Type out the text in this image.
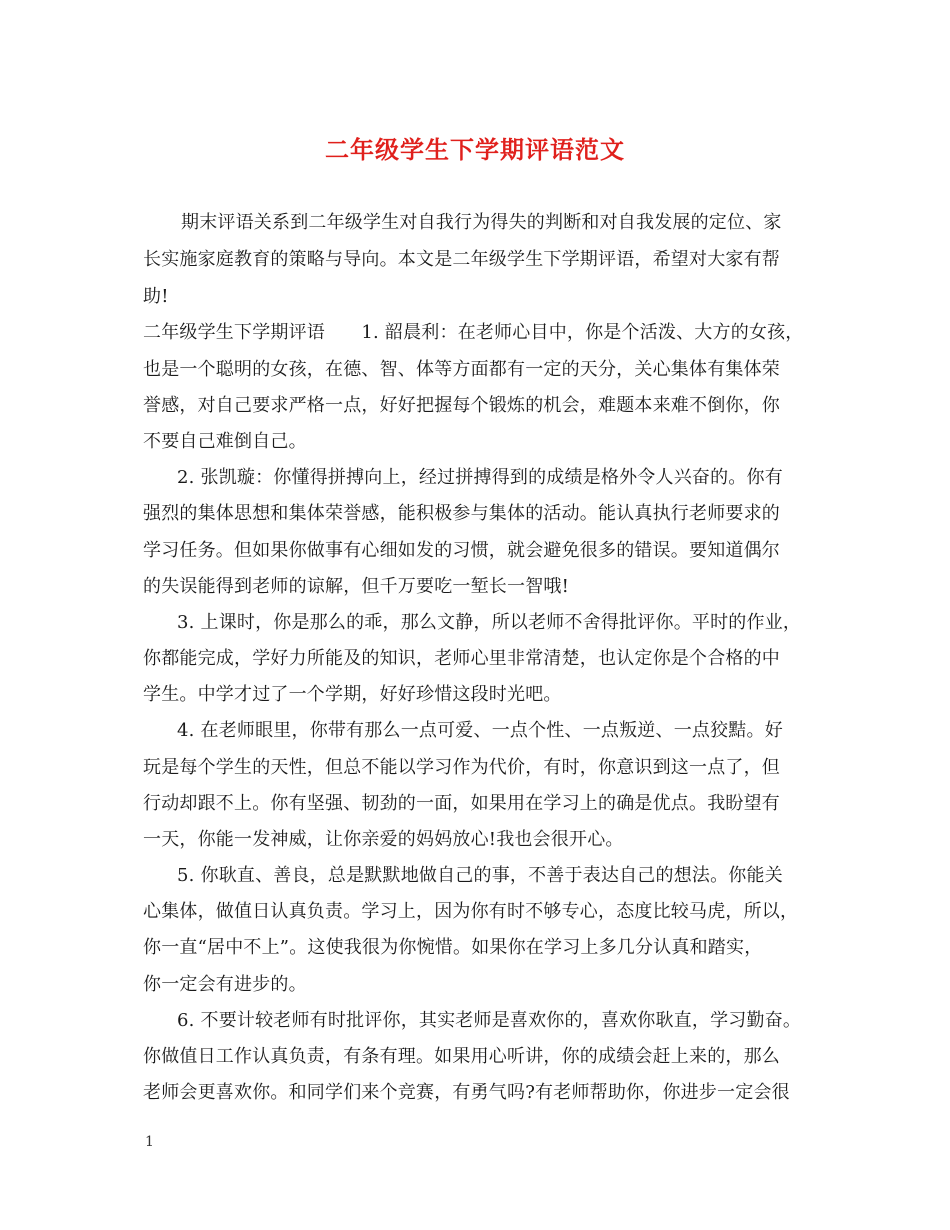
二年级学生下学期评语范文
期末评语关系到二年级学生对自我行为得失的判断和对自我发展的定位、家
长实施家庭教育的策略与导向。本文是二年级学生下学期评语，希望对大家有帮
助!
二年级学生下学期评语　　1. 韶晨利：在老师心目中，你是个活泼、大方的女孩，
也是一个聪明的女孩，在德、智、体等方面都有一定的天分，关心集体有集体荣
誉感，对自己要求严格一点，好好把握每个锻炼的机会，难题本来难不倒你，你
不要自己难倒自己。
2. 张凯璇：你懂得拼搏向上，经过拼搏得到的成绩是格外令人兴奋的。你有
强烈的集体思想和集体荣誉感，能积极参与集体的活动。能认真执行老师要求的
学习任务。但如果你做事有心细如发的习惯，就会避免很多的错误。要知道偶尔
的失误能得到老师的谅解，但千万要吃一堑长一智哦!
3. 上课时，你是那么的乖，那么文静，所以老师不舍得批评你。平时的作业，
你都能完成，学好力所能及的知识，老师心里非常清楚，也认定你是个合格的中
学生。中学才过了一个学期，好好珍惜这段时光吧。
4. 在老师眼里，你带有那么一点可爱、一点个性、一点叛逆、一点狡黠。好
玩是每个学生的天性，但总不能以学习作为代价，有时，你意识到这一点了，但
行动却跟不上。你有坚强、韧劲的一面，如果用在学习上的确是优点。我盼望有
一天，你能一发神威，让你亲爱的妈妈放心!我也会很开心。
5. 你耿直、善良，总是默默地做自己的事，不善于表达自己的想法。你能关
心集体，做值日认真负责。学习上，因为你有时不够专心，态度比较马虎，所以，
你一直“居中不上”。这使我很为你惋惜。如果你在学习上多几分认真和踏实，
你一定会有进步的。
6. 不要计较老师有时批评你，其实老师是喜欢你的，喜欢你耿直，学习勤奋。
你做值日工作认真负责，有条有理。如果用心听讲，你的成绩会赶上来的，那么
老师会更喜欢你。和同学们来个竞赛，有勇气吗?有老师帮助你，你进步一定会很
1
